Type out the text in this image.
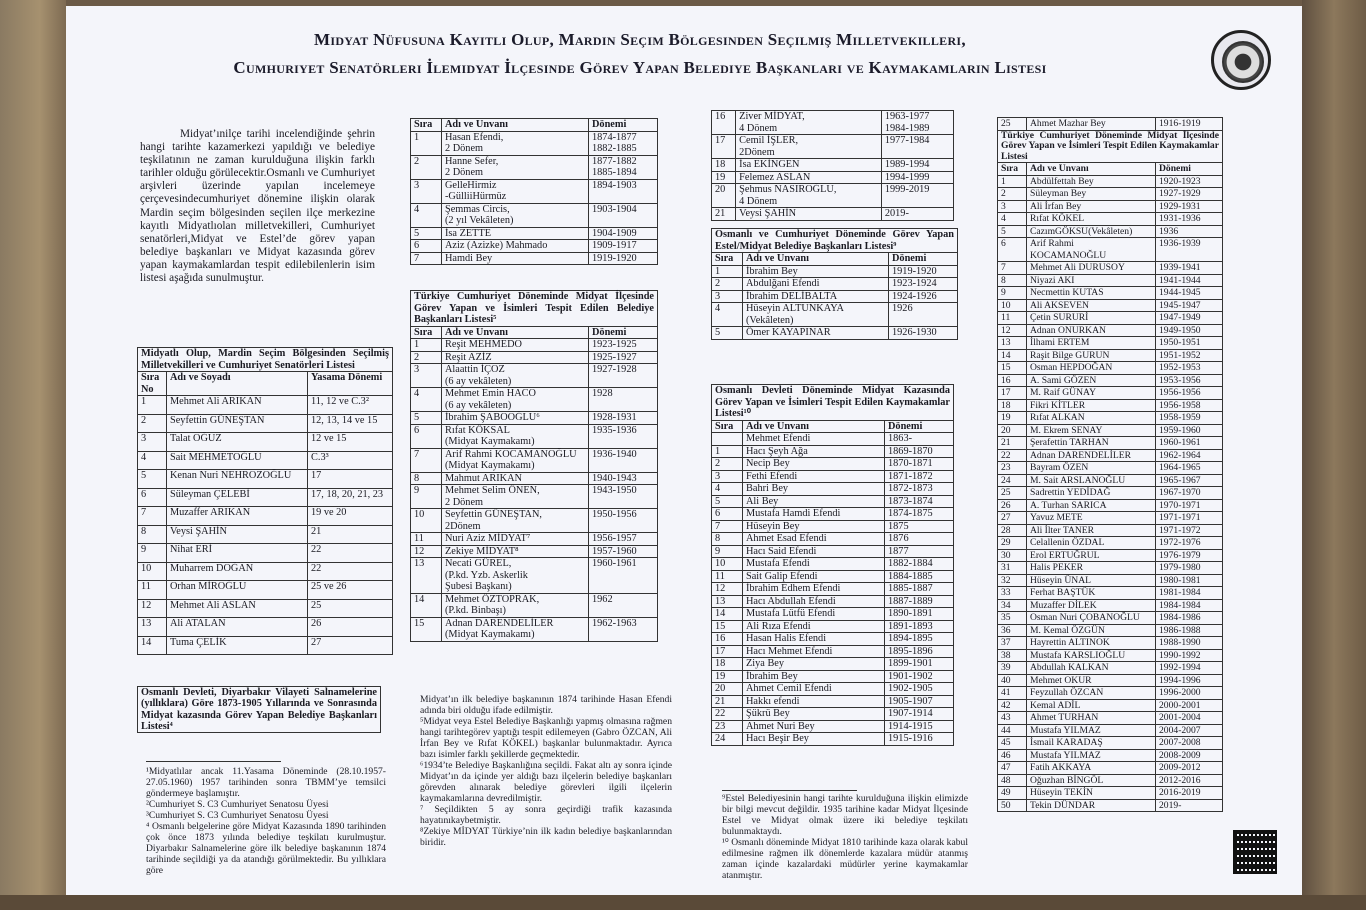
Midyat Nüfusuna Kayıtlı Olup, Mardin Seçim Bölgesinden Seçilmiş Milletvekilleri,
Cumhuriyet Senatörleri İlemidyat İlçesinde Görev Yapan Belediye Başkanları ve Kaymakamların Listesi

Midyat’ınilçe tarihi incelendiğinde şehrin hangi tarihte kazamerkezi yapıldığı ve belediye teşkilatının ne zaman kurulduğuna ilişkin farklı tarihler olduğu görülecektir.Osmanlı ve Cumhuriyet arşivleri üzerinde yapılan incelemeye çerçevesindecumhuriyet dönemine ilişkin olarak Mardin seçim bölgesinden seçilen ilçe merkezine kayıtlı Midyatlıolan milletvekilleri, Cumhuriyet senatörleri,Midyat ve Estel’de görev yapan belediye başkanları ve Midyat kazasında görev yapan kaymakamlardan tespit edilebilenlerin isim listesi aşağıda sunulmuştur.

Midyatlı Olup, Mardin Seçim Bölgesinden Seçilmiş Milletvekilleri ve Cumhuriyet Senatörleri Listesi		
Sıra No	Adı ve Soyadı	Yasama Dönemi
1	Mehmet Ali ARIKAN	11, 12 ve C.3²
2	Seyfettin GÜNEŞTAN	12, 13, 14 ve 15
3	Talat OĞUZ	12 ve 15
4	Sait MEHMETOĞLU	C.3³
5	Kenan Nuri NEHROZOĞLU	17
6	Süleyman ÇELEBİ	17, 18, 20, 21, 23
7	Muzaffer ARIKAN	19 ve 20
8	Veysi ŞAHİN	21
9	Nihat ERİ	22
10	Muharrem DOĞAN	22
11	Orhan MİROĞLU	25 ve 26
12	Mehmet Ali ASLAN	25
13	Ali ATALAN	26
14	Tuma ÇELİK	27
Osmanlı Devleti, Diyarbakır Vilayeti Salnamelerine (yıllıklara) Göre 1873-1905 Yıllarında ve Sonrasında Midyat kazasında Görev Yapan Belediye Başkanları Listesi⁴

¹Midyatlılar ancak 11.Yasama Döneminde (28.10.1957-27.05.1960) 1957 tarihinden sonra TBMM’ye temsilci göndermeye başlamıştır.

²Cumhuriyet S. C3 Cumhuriyet Senatosu Üyesi

³Cumhuriyet S. C3 Cumhuriyet Senatosu Üyesi

⁴ Osmanlı belgelerine göre Midyat Kazasında 1890 tarihinden çok önce 1873 yılında belediye teşkilatı kurulmuştur. Diyarbakır Salnamelerine göre ilk belediye başkanının 1874 tarihinde seçildiği ya da atandığı görülmektedir. Bu yıllıklara göre

Sıra	Adı ve Unvanı	Dönemi
1	Hasan Efendi,
2 Dönem	1874-1877
1882-1885
2	Hanne Sefer,
2 Dönem	1877-1882
1885-1894
3	GelleHirmiz
-GülliiHürmüz	1894-1903
4	Şemmas Circis,
(2 yıl Vekâleten)	1903-1904
5	İsa ZETTE	1904-1909
6	Aziz (Azizke) Mahmado	1909-1917
7	Hamdi Bey	1919-1920
Türkiye Cumhuriyet Döneminde Midyat İlçesinde Görev Yapan ve İsimleri Tespit Edilen Belediye Başkanları Listesi⁵		
Sıra	Adı ve Unvanı	Dönemi
1	Reşit MEHMEDO	1923-1925
2	Reşit AZİZ	1925-1927
3	Alaattin İÇOZ
(6 ay vekâleten)	1927-1928
4	Mehmet Emin HACO
(6 ay vekâleten)	1928
5	İbrahim ŞABOOĞLU⁶	1928-1931
6	Rıfat KÖKSAL
(Midyat Kaymakamı)	1935-1936
7	Arif Rahmi KOCAMANOĞLU
(Midyat Kaymakamı)	1936-1940
8	Mahmut ARIKAN	1940-1943
9	Mehmet Selim ÖNEN,
2 Dönem	1943-1950
10	Seyfettin GÜNEŞTAN,
2Dönem	1950-1956
11	Nuri Aziz MİDYAT⁷	1956-1957
12	Zekiye MİDYAT⁸	1957-1960
13	Necati GÜREL,
(P.kd. Yzb. Askerlik
Şubesi Başkanı)	1960-1961
14	Mehmet ÖZTOPRAK,
(P.kd. Binbaşı)	1962
15	Adnan DARENDELİLER
(Midyat Kaymakamı)	1962-1963

Midyat’ın ilk belediye başkanının 1874 tarihinde Hasan Efendi adında biri olduğu ifade edilmiştir.

⁵Midyat veya Estel Belediye Başkanlığı yapmış olmasına rağmen hangi tarihtegörev yaptığı tespit edilemeyen (Gabro ÖZCAN, Ali İrfan Bey ve Rıfat KÖKEL) başkanlar bulunmaktadır. Ayrıca bazı isimler farklı şekillerde geçmektedir.

⁶1934’te Belediye Başkanlığına seçildi. Fakat altı ay sonra içinde Midyat’ın da içinde yer aldığı bazı ilçelerin belediye başkanları görevden alınarak belediye görevleri ilgili ilçelerin kaymakamlarına devredilmiştir.

⁷ Seçildikten 5 ay sonra geçirdiği trafik kazasında hayatınıkaybetmiştir.

⁸Zekiye MİDYAT Türkiye’nin ilk kadın belediye başkanlarından biridir.

16	Ziver MİDYAT,
4 Dönem	1963-1977
1984-1989
17	Cemil İŞLER,
2Dönem	1977-1984
18	İsa EKİNGEN	1989-1994
19	Felemez ASLAN	1994-1999
20	Şehmus NASIROĞLU,
4 Dönem	1999-2019
21	Veysi ŞAHİN	2019-
Osmanlı ve Cumhuriyet Döneminde Görev Yapan Estel/Midyat Belediye Başkanları Listesi⁹		
Sıra	Adı ve Unvanı	Dönemi
1	İbrahim Bey	1919-1920
2	Abdulğani Efendi	1923-1924
3	İbrahim DELİBALTA	1924-1926
4	Hüseyin ALTUNKAYA
(Vekâleten)	1926
5	Ömer KAYAPINAR	1926-1930
Osmanlı Devleti Döneminde Midyat Kazasında Görev Yapan ve İsimleri Tespit Edilen Kaymakamlar Listesi¹⁰		
Sıra	Adı ve Unvanı	Dönemi
	Mehmet Efendi	1863-
1	Hacı Şeyh Ağa	1869-1870
2	Necip Bey	1870-1871
3	Fethi Efendi	1871-1872
4	Bahri Bey	1872-1873
5	Ali Bey	1873-1874
6	Mustafa Hamdi Efendi	1874-1875
7	Hüseyin Bey	1875
8	Ahmet Esad Efendi	1876
9	Hacı Said Efendi	1877
10	Mustafa Efendi	1882-1884
11	Sait Galip Efendi	1884-1885
12	İbrahim Edhem Efendi	1885-1887
13	Hacı Abdullah Efendi	1887-1889
14	Mustafa Lütfü Efendi	1890-1891
15	Ali Rıza Efendi	1891-1893
16	Hasan Halis Efendi	1894-1895
17	Hacı Mehmet Efendi	1895-1896
18	Ziya Bey	1899-1901
19	İbrahim Bey	1901-1902
20	Ahmet Cemil Efendi	1902-1905
21	Hakkı efendi	1905-1907
22	Şükrü Bey	1907-1914
23	Ahmet Nuri Bey	1914-1915
24	Hacı Beşir Bey	1915-1916

⁹Estel Belediyesinin hangi tarihte kurulduğuna ilişkin elimizde bir bilgi mevcut değildir. 1935 tarihine kadar Midyat İlçesinde Estel ve Midyat olmak üzere iki belediye teşkilatı bulunmaktaydı.

¹⁰ Osmanlı döneminde Midyat 1810 tarihinde kaza olarak kabul edilmesine rağmen ilk dönemlerde kazalara müdür atanmış zaman içinde kazalardaki müdürler yerine kaymakamlar atanmıştır.

25	Ahmet Mazhar Bey	1916-1919
Türkiye Cumhuriyet Döneminde Midyat İlçesinde Görev Yapan ve İsimleri Tespit Edilen Kaymakamlar Listesi		
Sıra	Adı ve Unvanı	Dönemi
1	Abdülfettah Bey	1920-1923
2	Süleyman Bey	1927-1929
3	Ali İrfan Bey	1929-1931
4	Rıfat KÖKEL	1931-1936
5	CazımGÖKSU(Vekâleten)	1936
6	Arif Rahmi KOCAMANOĞLU	1936-1939
7	Mehmet Ali DURUSOY	1939-1941
8	Niyazi AKI	1941-1944
9	Necmettin KUTAS	1944-1945
10	Ali AKSEVEN	1945-1947
11	Çetin SURURİ	1947-1949
12	Adnan ONURKAN	1949-1950
13	İlhami ERTEM	1950-1951
14	Raşit Bilge GURUN	1951-1952
15	Osman HEPDOĞAN	1952-1953
16	A. Sami GÖZEN	1953-1956
17	M. Raif GÜNAY	1956-1956
18	Fikri KİTLER	1956-1958
19	Rıfat ALKAN	1958-1959
20	M. Ekrem SENAY	1959-1960
21	Şerafettin TARHAN	1960-1961
22	Adnan DARENDELİLER	1962-1964
23	Bayram ÖZEN	1964-1965
24	M. Sait ARSLANOĞLU	1965-1967
25	Sadrettin YEDİDAĞ	1967-1970
26	A. Turhan SARICA	1970-1971
27	Yavuz METE	1971-1971
28	Ali İlter TANER	1971-1972
29	Celallenin ÖZDAL	1972-1976
30	Erol ERTUĞRUL	1976-1979
31	Halis PEKER	1979-1980
32	Hüseyin ÜNAL	1980-1981
33	Ferhat BAŞTÜK	1981-1984
34	Muzaffer DİLEK	1984-1984
35	Osman Nuri ÇOBANOĞLU	1984-1986
36	M. Kemal ÖZGÜN	1986-1988
37	Hayrettin ALTINOK	1988-1990
38	Mustafa KARSLIOĞLU	1990-1992
39	Abdullah KALKAN	1992-1994
40	Mehmet OKUR	1994-1996
41	Feyzullah ÖZCAN	1996-2000
42	Kemal ADİL	2000-2001
43	Ahmet TURHAN	2001-2004
44	Mustafa YILMAZ	2004-2007
45	İsmail KARADAŞ	2007-2008
46	Mustafa YILMAZ	2008-2009
47	Fatih AKKAYA	2009-2012
48	Oğuzhan BİNGÖL	2012-2016
49	Hüseyin TEKİN	2016-2019
50	Tekin DÜNDAR	2019-
